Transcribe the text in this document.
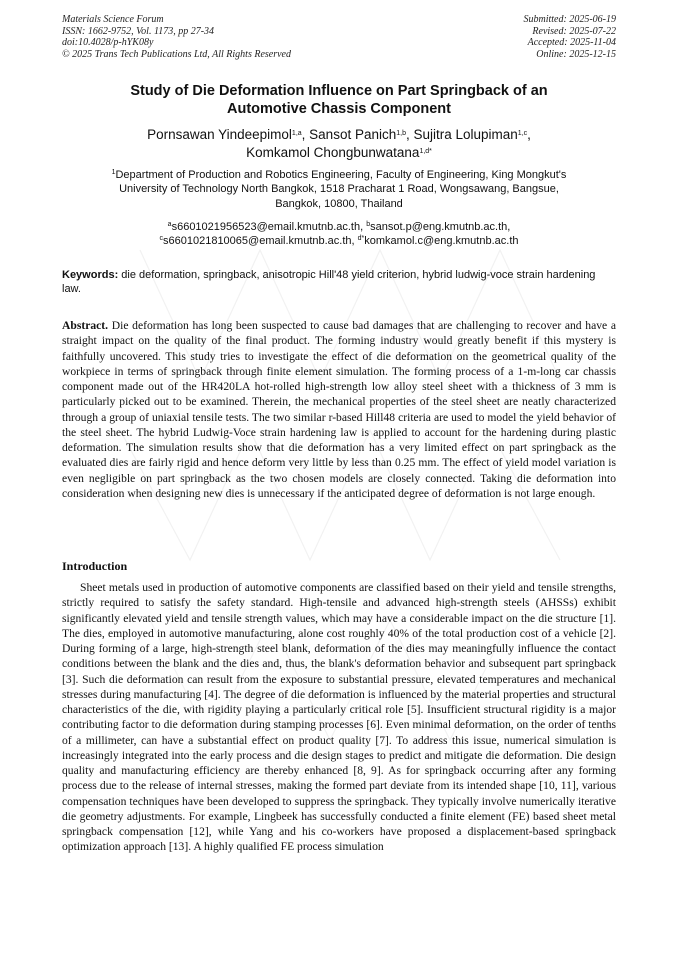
Materials Science Forum
ISSN: 1662-9752, Vol. 1173, pp 27-34
doi:10.4028/p-hYK08y
© 2025 Trans Tech Publications Ltd, All Rights Reserved
Submitted: 2025-06-19
Revised: 2025-07-22
Accepted: 2025-11-04
Online: 2025-12-15
Study of Die Deformation Influence on Part Springback of an
Automotive Chassis Component
Pornsawan Yindeepimol$^{1,a}$, Sansot Panich$^{1,b}$, Sujitra Lolupiman$^{1,c}$,
Komkamol Chongbunwatana$^{1,d*}$
$^1$Department of Production and Robotics Engineering, Faculty of Engineering, King Mongkut's
University of Technology North Bangkok, 1518 Pracharat 1 Road, Wongsawang, Bangsue,
Bangkok, 10800, Thailand
$^a$s6601021956523@email.kmutnb.ac.th, $^b$sansot.p@eng.kmutnb.ac.th,
$^c$s6601021810065@email.kmutnb.ac.th, $^{d*}$komkamol.c@eng.kmutnb.ac.th
Keywords: die deformation, springback, anisotropic Hill'48 yield criterion, hybrid ludwig-voce strain hardening law.
Abstract. Die deformation has long been suspected to cause bad damages that are challenging to recover and have a straight impact on the quality of the final product. The forming industry would greatly benefit if this mystery is faithfully uncovered. This study tries to investigate the effect of die deformation on the geometrical quality of the workpiece in terms of springback through finite element simulation. The forming process of a 1-m-long car chassis component made out of the HR420LA hot-rolled high-strength low alloy steel sheet with a thickness of 3 mm is particularly picked out to be examined. Therein, the mechanical properties of the steel sheet are neatly characterized through a group of uniaxial tensile tests. The two similar r-based Hill48 criteria are used to model the yield behavior of the steel sheet. The hybrid Ludwig-Voce strain hardening law is applied to account for the hardening during plastic deformation. The simulation results show that die deformation has a very limited effect on part springback as the evaluated dies are fairly rigid and hence deform very little by less than 0.25 mm. The effect of yield model variation is even negligible on part springback as the two chosen models are closely connected. Taking die deformation into consideration when designing new dies is unnecessary if the anticipated degree of deformation is not large enough.
Introduction

Sheet metals used in production of automotive components are classified based on their yield and tensile strengths, strictly required to satisfy the safety standard. High-tensile and advanced high-strength steels (AHSSs) exhibit significantly elevated yield and tensile strength values, which may have a considerable impact on the die structure [1]. The dies, employed in automotive manufacturing, alone cost roughly 40% of the total production cost of a vehicle [2]. During forming of a large, high-strength steel blank, deformation of the dies may meaningfully influence the contact conditions between the blank and the dies and, thus, the blank's deformation behavior and subsequent part springback [3]. Such die deformation can result from the exposure to substantial pressure, elevated temperatures and mechanical stresses during manufacturing [4]. The degree of die deformation is influenced by the material properties and structural characteristics of the die, with rigidity playing a particularly critical role [5]. Insufficient structural rigidity is a major contributing factor to die deformation during stamping processes [6]. Even minimal deformation, on the order of tenths of a millimeter, can have a substantial effect on product quality [7]. To address this issue, numerical simulation is increasingly integrated into the early process and die design stages to predict and mitigate die deformation. Die design quality and manufacturing efficiency are thereby enhanced [8, 9]. As for springback occurring after any forming process due to the release of internal stresses, making the formed part deviate from its intended shape [10, 11], various compensation techniques have been developed to suppress the springback. They typically involve numerically iterative die geometry adjustments. For example, Lingbeek has successfully conducted a finite element (FE) based sheet metal springback compensation [12], while Yang and his co-workers have proposed a displacement-based springback optimization approach [13]. A highly qualified FE process simulation
